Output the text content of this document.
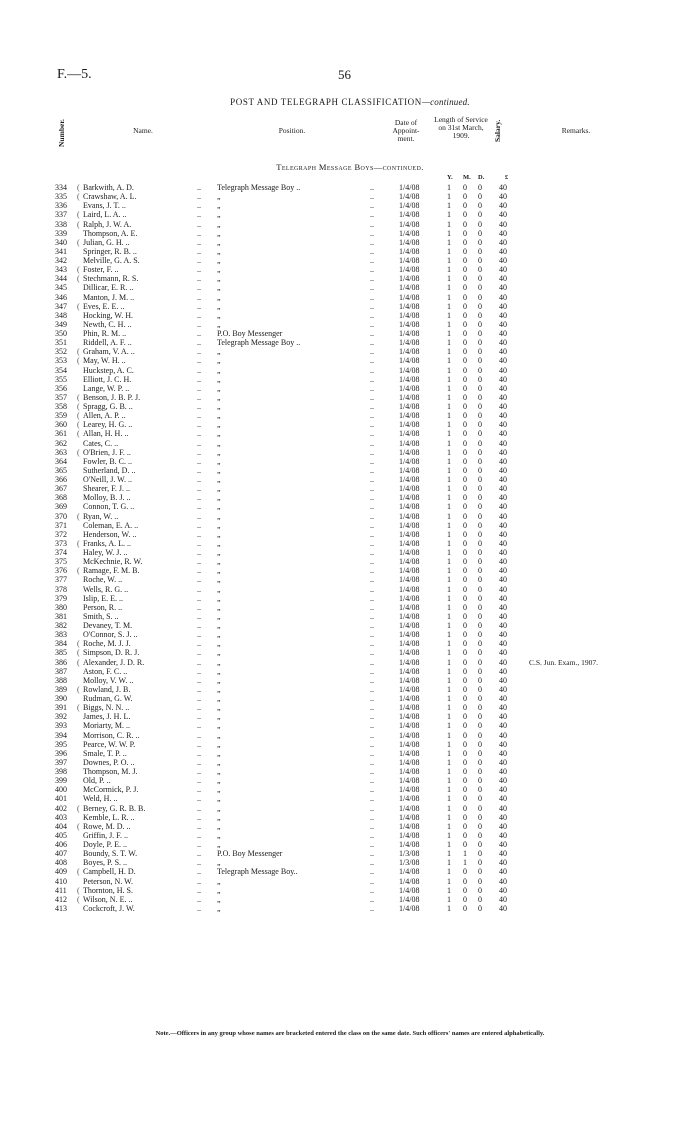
F.—5.	56
POST AND TELEGRAPH CLASSIFICATION—continued.
Number.	Name.	Position.
Date of Appoint- ment.
Length of Service on 31st March, 1909.	Salary.	Remarks.
Telegraph Message Boys—continued.
Y. M. D.	£
334 ( Barkwith, A. D.	.. Telegraph Message Boy ..	..	1/4/08	1 0 0 40
335 ( Crawshaw, A. L.	.. „	..	1/4/08	1 0 0 40
336 Evans, J. T. ..	.. „	..	1/4/08	1 0 0 40
337 ( Laird, L. A. ..	.. „	..	1/4/08	1 0 0 40
338 ( Ralph, J. W. A.	.. „	..	1/4/08	1 0 0 40
339 Thompson, A. E.	.. „	..	1/4/08	1 0 0 40
340 ( Julian, G. H. ..	.. „	..	1/4/08	1 0 0 40
341 Springer, R. B. ..	.. „	..	1/4/08	1 0 0 40
342 Melville, G. A. S.	.. „	..	1/4/08	1 0 0 40
343 ( Foster, F. ..	.. „	..	1/4/08	1 0 0 40
344 ( Stechmann, R. S.	.. „	..	1/4/08	1 0 0 40
345 Dillicar, E. R. ..	.. „	..	1/4/08	1 0 0 40
346 Manton, J. M. ..	.. „	..	1/4/08	1 0 0 40
347 ( Eves, E. E. ..	.. „	..	1/4/08	1 0 0 40
348 Hocking, W. H.	.. „	..	1/4/08	1 0 0 40
349 Newth, C. H. ..	.. „	..	1/4/08	1 0 0 40
350 Phin, R. M. ..	.. P.O. Boy Messenger	..	1/4/08	1 0 0 40
351 Riddell, A. F. ..	.. Telegraph Message Boy ..	..	1/4/08	1 0 0 40
352 ( Graham, V. A. ..	.. „	..	1/4/08	1 0 0 40
353 ( May, W. H. ..	.. „	..	1/4/08	1 0 0 40
354 Huckstep, A. C.	.. „	..	1/4/08	1 0 0 40
355 Elliott, J. C. H.	.. „	..	1/4/08	1 0 0 40
356 Lange, W. P. ..	.. „	..	1/4/08	1 0 0 40
357 ( Benson, J. B. P. J.	.. „	..	1/4/08	1 0 0 40
358 ( Spragg, G. B. ..	.. „	..	1/4/08	1 0 0 40
359 ( Allen, A. P. ..	.. „	..	1/4/08	1 0 0 40
360 ( Learey, H. G. ..	.. „	..	1/4/08	1 0 0 40
361 ( Allan, H. H. ..	.. „	..	1/4/08	1 0 0 40
362 Cates, C. ..	.. „	..	1/4/08	1 0 0 40
363 ( O'Brien, J. F. ..	.. „	..	1/4/08	1 0 0 40
364 Fowler, B. C. ..	.. „	..	1/4/08	1 0 0 40
365 Sutherland, D. ..	.. „	..	1/4/08	1 0 0 40
366 O'Neill, J. W. ..	.. „	..	1/4/08	1 0 0 40
367 Shearer, F. J. ..	.. „	..	1/4/08	1 0 0 40
368 Molloy, B. J. ..	.. „	..	1/4/08	1 0 0 40
369 Connon, T. G. ..	.. „	..	1/4/08	1 0 0 40
370 ( Ryan, W. ..	.. „	..	1/4/08	1 0 0 40
371 Coleman, E. A. ..	.. „	..	1/4/08	1 0 0 40
372 Henderson, W. ..	.. „	..	1/4/08	1 0 0 40
373 ( Franks, A. L. ..	.. „	..	1/4/08	1 0 0 40
374 Haley, W. J. ..	.. „	..	1/4/08	1 0 0 40
375 McKechnie, R. W.	.. „	..	1/4/08	1 0 0 40
376 ( Ramage, F. M. B.	.. „	..	1/4/08	1 0 0 40
377 Roche, W. ..	.. „	..	1/4/08	1 0 0 40
378 Wells, R. G. ..	.. „	..	1/4/08	1 0 0 40
379 Islip, E. E. ..	.. „	..	1/4/08	1 0 0 40
380 Person, R. ..	.. „	..	1/4/08	1 0 0 40
381 Smith, S. ..	.. „	..	1/4/08	1 0 0 40
382 Devaney, T. M.	.. „	..	1/4/08	1 0 0 40
383 O'Connor, S. J. ..	.. „	..	1/4/08	1 0 0 40
384 ( Roche, M. J. J.	.. „	..	1/4/08	1 0 0 40
385 ( Simpson, D. R. J.	.. „	..	1/4/08	1 0 0 40
386 ( Alexander, J. D. R.	.. „	..	1/4/08	1 0 0 40	C.S. Jun. Exam., 1907.
387 Aston, F. C. ..	.. „	..	1/4/08	1 0 0 40
388 Molloy, V. W. ..	.. „	..	1/4/08	1 0 0 40
389 ( Rowland, J. B.	.. „	..	1/4/08	1 0 0 40
390 Rudman, G. W.	.. „	..	1/4/08	1 0 0 40
391 ( Biggs, N. N. ..	.. „	..	1/4/08	1 0 0 40
392 James, J. H. L.	.. „	..	1/4/08	1 0 0 40
393 Moriarty, M. ..	.. „	..	1/4/08	1 0 0 40
394 Morrison, C. R. ..	.. „	..	1/4/08	1 0 0 40
395 Pearce, W. W. P.	.. „	..	1/4/08	1 0 0 40
396 Smale, T. P. ..	.. „	..	1/4/08	1 0 0 40
397 Downes, P. O. ..	.. „	..	1/4/08	1 0 0 40
398 Thompson, M. J.	.. „	..	1/4/08	1 0 0 40
399 Old, P. ..	.. „	..	1/4/08	1 0 0 40
400 McCormick, P. J.	.. „	..	1/4/08	1 0 0 40
401 Weld, H. ..	.. „	..	1/4/08	1 0 0 40
402 ( Berney, G. R. B. B.	.. „	..	1/4/08	1 0 0 40
403 Kemble, L. R. ..	.. „	..	1/4/08	1 0 0 40
404 ( Rowe, M. D. ..	.. „	..	1/4/08	1 0 0 40
405 Griffin, J. F. ..	.. „	..	1/4/08	1 0 0 40
406 Doyle, P. E. ..	.. „	..	1/4/08	1 0 0 40
407 Boundy, S. T. W.	.. P.O. Boy Messenger	..	1/3/08	1 1 0 40
408 Boyes, P. S. ..	.. „	..	1/3/08	1 1 0 40
409 ( Campbell, H. D.	.. Telegraph Message Boy..	..	1/4/08	1 0 0 40
410 Peterson, N. W.	.. „	..	1/4/08	1 0 0 40
411 ( Thornton, H. S.	.. „	..	1/4/08	1 0 0 40
412 ( Wilson, N. E. ..	.. „	..	1/4/08	1 0 0 40
413 Cockcroft, J. W.	.. „	..	1/4/08	1 0 0 40
Note.—Officers in any group whose names are bracketed entered the class on the same date. Such officers' names are entered alphabetically.
